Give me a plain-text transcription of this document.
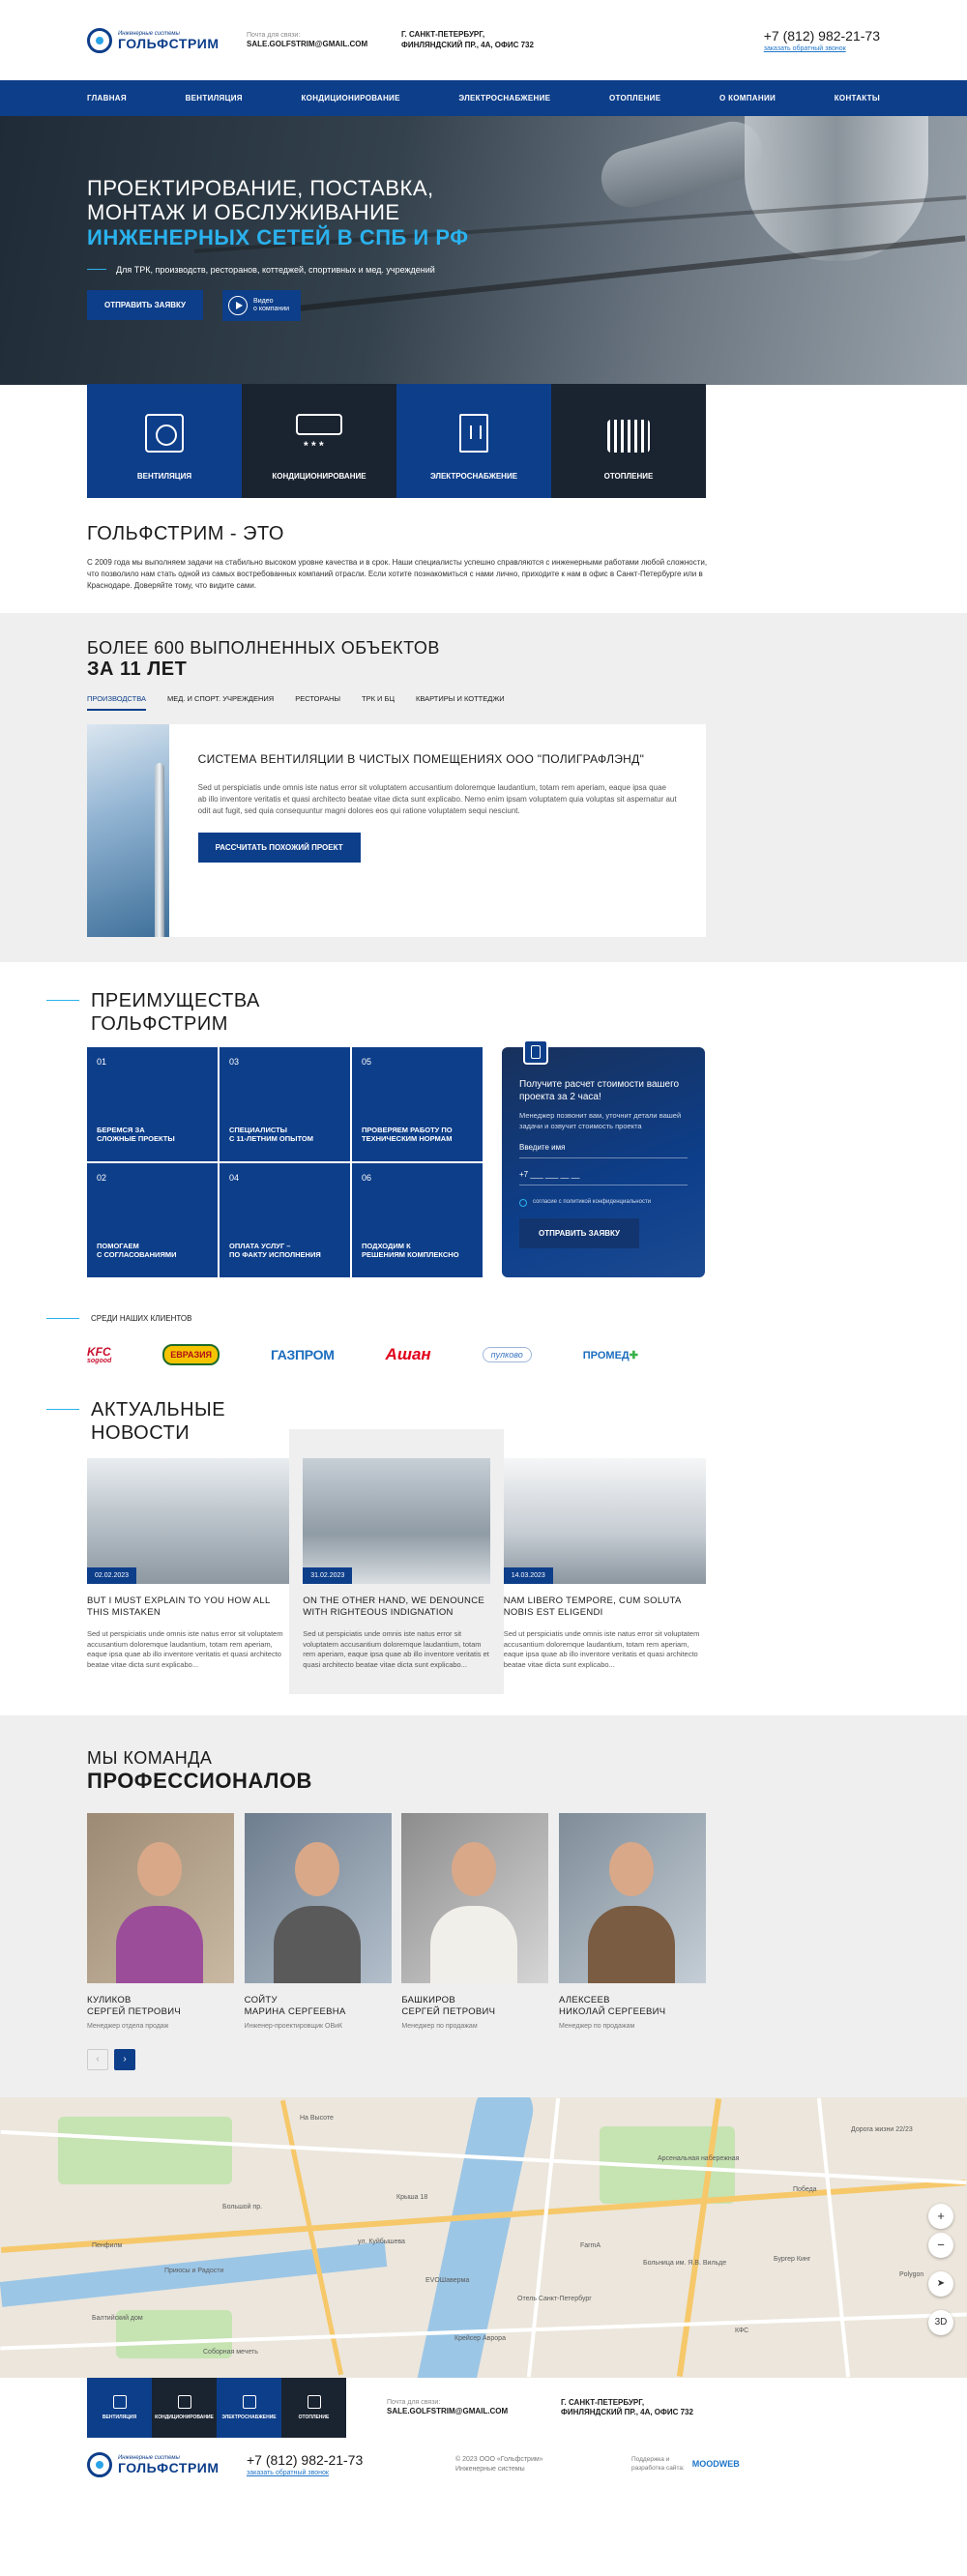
Инженерные системы
ГОЛЬФСТРИМ
Почта для связи:
SALE.GOLFSTRIM@GMAIL.COM
Г. САНКТ-ПЕТЕРБУРГ,
ФИНЛЯНДСКИЙ ПР., 4А, ОФИС 732
+7 (812) 982-21-73
заказать обратный звонок
ГЛАВНАЯ	ВЕНТИЛЯЦИЯ	КОНДИЦИОНИРОВАНИЕ	ЭЛЕКТРОСНАБЖЕНИЕ	ОТОПЛЕНИЕ	О КОМПАНИИ	КОНТАКТЫ
ПРОЕКТИРОВАНИЕ, ПОСТАВКА,
МОНТАЖ И ОБСЛУЖИВАНИЕ
ИНЖЕНЕРНЫХ СЕТЕЙ В СПБ И РФ
Для ТРК, производств, ресторанов, коттеджей, спортивных и мед. учреждений
ОТПРАВИТЬ ЗАЯВКУ
Видео
о компании
ВЕНТИЛЯЦИЯ
* * *	КОНДИЦИОНИРОВАНИЕ	ЭЛЕКТРОСНАБЖЕНИЕ	ОТОПЛЕНИЕ
ГОЛЬФСТРИМ - ЭТО

С 2009 года мы выполняем задачи на стабильно высоком уровне качества и в срок. Наши специалисты успешно справляются с инженерными работами любой сложности, что позволило нам стать одной из самых востребованных компаний отрасли. Если хотите познакомиться с нами лично, приходите к нам в офис в Санкт-Петербурге или в Краснодаре. Доверяйте тому, что видите сами.

БОЛЕЕ 600 ВЫПОЛНЕННЫХ ОБЪЕКТОВ
ЗА 11 ЛЕТ
ПРОИЗВОДСТВА	МЕД. И СПОРТ. УЧРЕЖДЕНИЯ	РЕСТОРАНЫ	ТРК И БЦ	КВАРТИРЫ И КОТТЕДЖИ
СИСТЕМА ВЕНТИЛЯЦИИ В ЧИСТЫХ ПОМЕЩЕНИЯХ ООО "ПОЛИГРАФЛЭНД"

Sed ut perspiciatis unde omnis iste natus error sit voluptatem accusantium doloremque laudantium, totam rem aperiam, eaque ipsa quae ab illo inventore veritatis et quasi architecto beatae vitae dicta sunt explicabo. Nemo enim ipsam voluptatem quia voluptas sit aspernatur aut odit aut fugit, sed quia consequuntur magni dolores eos qui ratione voluptatem sequi nesciunt.

РАССЧИТАТЬ ПОХОЖИЙ ПРОЕКТ
ПРЕИМУЩЕСТВА
ГОЛЬФСТРИМ
01
БЕРЕМСЯ ЗА
СЛОЖНЫЕ ПРОЕКТЫ
03
СПЕЦИАЛИСТЫ
С 11-ЛЕТНИМ ОПЫТОМ
05
ПРОВЕРЯЕМ РАБОТУ ПО
ТЕХНИЧЕСКИМ НОРМАМ
02
ПОМОГАЕМ
С СОГЛАСОВАНИЯМИ
04
ОПЛАТА УСЛУГ –
ПО ФАКТУ ИСПОЛНЕНИЯ
06
ПОДХОДИМ К
РЕШЕНИЯМ КОМПЛЕКСНО
Получите расчет стоимости вашего проекта за 2 часа!
Менеджер позвонит вам, уточнит детали вашей задачи и озвучит стоимость проекта
Введите имя +7 ___ ___ __ __
согласие с политикой конфиденциальности
ОТПРАВИТЬ ЗАЯВКУ
СРЕДИ НАШИХ КЛИЕНТОВ
KFC
sogood
ЕВРАЗИЯ	ГАЗПРОМ	Ашан	пулково	ПРОМЕД✚
АКТУАЛЬНЫЕ
НОВОСТИ
02.02.2023
BUT I MUST EXPLAIN TO YOU HOW ALL THIS MISTAKEN

Sed ut perspiciatis unde omnis iste natus error sit voluptatem accusantium doloremque laudantium, totam rem aperiam, eaque ipsa quae ab illo inventore veritatis et quasi architecto beatae vitae dicta sunt explicabo...

31.02.2023
ON THE OTHER HAND, WE DENOUNCE WITH RIGHTEOUS INDIGNATION

Sed ut perspiciatis unde omnis iste natus error sit voluptatem accusantium doloremque laudantium, totam rem aperiam, eaque ipsa quae ab illo inventore veritatis et quasi architecto beatae vitae dicta sunt explicabo...

14.03.2023
NAM LIBERO TEMPORE, CUM SOLUTA NOBIS EST ELIGENDI

Sed ut perspiciatis unde omnis iste natus error sit voluptatem accusantium doloremque laudantium, totam rem aperiam, eaque ipsa quae ab illo inventore veritatis et quasi architecto beatae vitae dicta sunt explicabo...

МЫ КОМАНДА
ПРОФЕССИОНАЛОВ
КУЛИКОВ
СЕРГЕЙ ПЕТРОВИЧ
Менеджер отдела продаж
СОЙТУ
МАРИНА СЕРГЕЕВНА
Инженер-проектировщик ОВиК
БАШКИРОВ
СЕРГЕЙ ПЕТРОВИЧ
Менеджер по продажам
АЛЕКСЕЕВ
НИКОЛАЙ СЕРГЕЕВИЧ
Менеджер по продажам
‹	›
На Высоте
Крыша 18
ЕVОШаверма
Отель Санкт-Петербург
Бургер Кинг
Больница им. Я.В. Вильде
Пенфилм
Приюсы и Радости
Балтийский дом
Соборная мечеть
Крейсер Аврора
Дорога жизни 22/23
Арсенальная набережная
ул. Куйбышева
Большой пр.
КФС
Polygon
Победа
FarmA
+
−
➤
3D
ВЕНТИЛЯЦИЯ	КОНДИЦИОНИРОВАНИЕ ЭЛЕКТРОСНАБЖЕНИЕ	ОТОПЛЕНИЕ
Почта для связи:
SALE.GOLFSTRIM@GMAIL.COM
Г. САНКТ-ПЕТЕРБУРГ,
ФИНЛЯНДСКИЙ ПР., 4А, ОФИС 732
Инженерные системы
ГОЛЬФСТРИМ +7 (812) 982-21-73
заказать обратный звонок
© 2023 ООО «Гольфстрим»
Инженерные системы
Поддержка и
разработка сайта: MOODWEB
